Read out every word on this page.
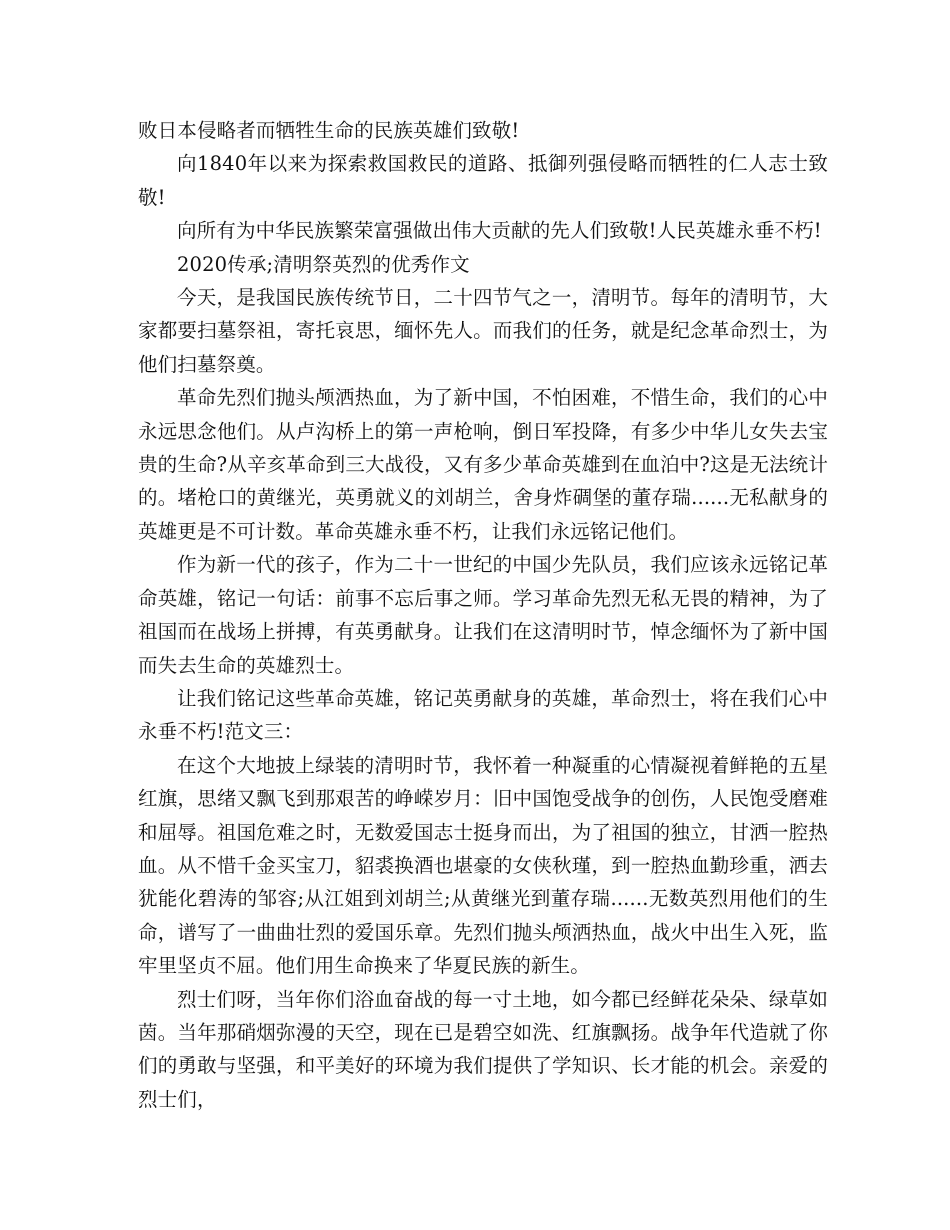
败日本侵略者而牺牲生命的民族英雄们致敬!

向1840年以来为探索救国救民的道路、抵御列强侵略而牺牲的仁人志士致敬!

向所有为中华民族繁荣富强做出伟大贡献的先人们致敬!人民英雄永垂不朽!

2020传承;清明祭英烈的优秀作文

今天，是我国民族传统节日，二十四节气之一，清明节。每年的清明节，大家都要扫墓祭祖，寄托哀思，缅怀先人。而我们的任务，就是纪念革命烈士，为他们扫墓祭奠。

革命先烈们抛头颅洒热血，为了新中国，不怕困难，不惜生命，我们的心中永远思念他们。从卢沟桥上的第一声枪响，倒日军投降，有多少中华儿女失去宝贵的生命?从辛亥革命到三大战役，又有多少革命英雄到在血泊中?这是无法统计的。堵枪口的黄继光，英勇就义的刘胡兰，舍身炸碉堡的董存瑞......无私献身的英雄更是不可计数。革命英雄永垂不朽，让我们永远铭记他们。

作为新一代的孩子，作为二十一世纪的中国少先队员，我们应该永远铭记革命英雄，铭记一句话：前事不忘后事之师。学习革命先烈无私无畏的精神，为了祖国而在战场上拼搏，有英勇献身。让我们在这清明时节，悼念缅怀为了新中国而失去生命的英雄烈士。

让我们铭记这些革命英雄，铭记英勇献身的英雄，革命烈士，将在我们心中永垂不朽!范文三：

在这个大地披上绿装的清明时节，我怀着一种凝重的心情凝视着鲜艳的五星红旗，思绪又飘飞到那艰苦的峥嵘岁月：旧中国饱受战争的创伤，人民饱受磨难和屈辱。祖国危难之时，无数爱国志士挺身而出，为了祖国的独立，甘洒一腔热血。从不惜千金买宝刀，貂裘换酒也堪豪的女侠秋瑾，到一腔热血勤珍重，洒去犹能化碧涛的邹容;从江姐到刘胡兰;从黄继光到董存瑞......无数英烈用他们的生命，谱写了一曲曲壮烈的爱国乐章。先烈们抛头颅洒热血，战火中出生入死，监牢里坚贞不屈。他们用生命换来了华夏民族的新生。

烈士们呀，当年你们浴血奋战的每一寸土地，如今都已经鲜花朵朵、绿草如茵。当年那硝烟弥漫的天空，现在已是碧空如洗、红旗飘扬。战争年代造就了你们的勇敢与坚强，和平美好的环境为我们提供了学知识、长才能的机会。亲爱的烈士们，
